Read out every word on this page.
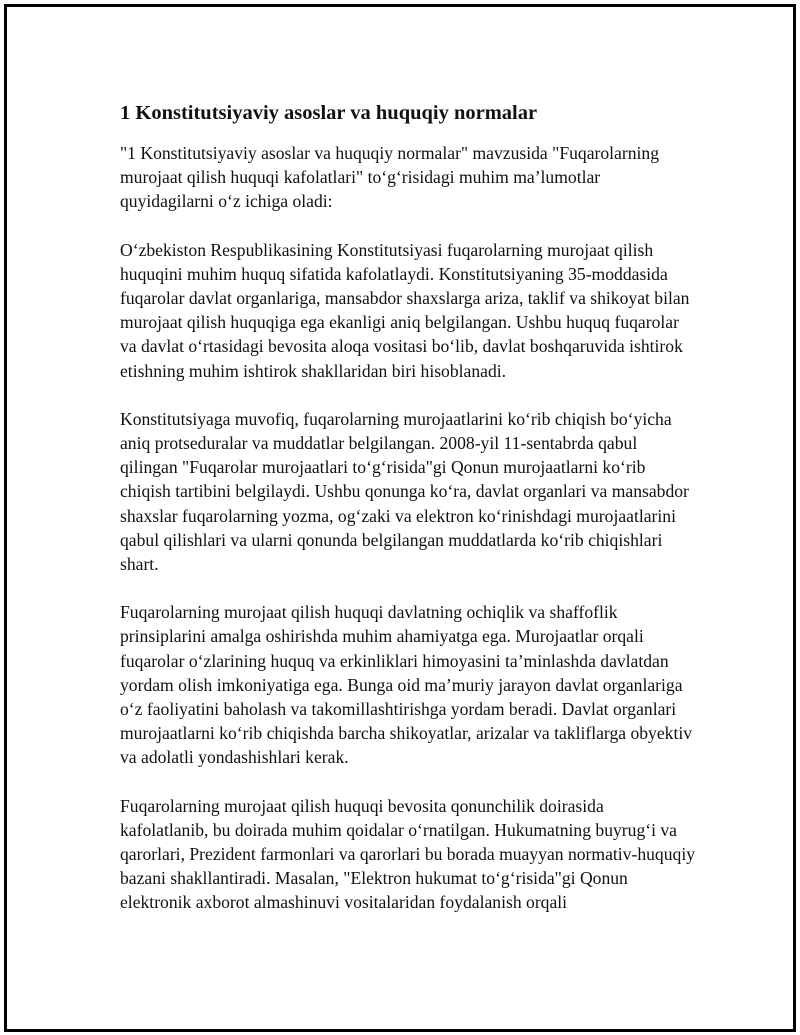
1 Konstitutsiyaviy asoslar va huquqiy normalar

"1 Konstitutsiyaviy asoslar va huquqiy normalar" mavzusida "Fuqarolarning murojaat qilish huquqi kafolatlari" to‘g‘risidagi muhim ma’lumotlar quyidagilarni o‘z ichiga oladi:

O‘zbekiston Respublikasining Konstitutsiyasi fuqarolarning murojaat qilish huquqini muhim huquq sifatida kafolatlaydi. Konstitutsiyaning 35-moddasida fuqarolar davlat organlariga, mansabdor shaxslarga ariza, taklif va shikoyat bilan murojaat qilish huquqiga ega ekanligi aniq belgilangan. Ushbu huquq fuqarolar va davlat o‘rtasidagi bevosita aloqa vositasi bo‘lib, davlat boshqaruvida ishtirok etishning muhim ishtirok shakllaridan biri hisoblanadi.

Konstitutsiyaga muvofiq, fuqarolarning murojaatlarini ko‘rib chiqish bo‘yicha aniq protseduralar va muddatlar belgilangan. 2008-yil 11-sentabrda qabul qilingan "Fuqarolar murojaatlari to‘g‘risida"gi Qonun murojaatlarni ko‘rib chiqish tartibini belgilaydi. Ushbu qonunga ko‘ra, davlat organlari va mansabdor shaxslar fuqarolarning yozma, og‘zaki va elektron ko‘rinishdagi murojaatlarini qabul qilishlari va ularni qonunda belgilangan muddatlarda ko‘rib chiqishlari shart.

Fuqarolarning murojaat qilish huquqi davlatning ochiqlik va shaffoflik prinsiplarini amalga oshirishda muhim ahamiyatga ega. Murojaatlar orqali fuqarolar o‘zlarining huquq va erkinliklari himoyasini ta’minlashda davlatdan yordam olish imkoniyatiga ega. Bunga oid ma’muriy jarayon davlat organlariga o‘z faoliyatini baholash va takomillashtirishga yordam beradi. Davlat organlari murojaatlarni ko‘rib chiqishda barcha shikoyatlar, arizalar va takliflarga obyektiv va adolatli yondashishlari kerak.

Fuqarolarning murojaat qilish huquqi bevosita qonunchilik doirasida kafolatlanib, bu doirada muhim qoidalar o‘rnatilgan. Hukumatning buyrug‘i va qarorlari, Prezident farmonlari va qarorlari bu borada muayyan normativ-huquqiy bazani shakllantiradi. Masalan, "Elektron hukumat to‘g‘risida"gi Qonun elektronik axborot almashinuvi vositalaridan foydalanish orqali
